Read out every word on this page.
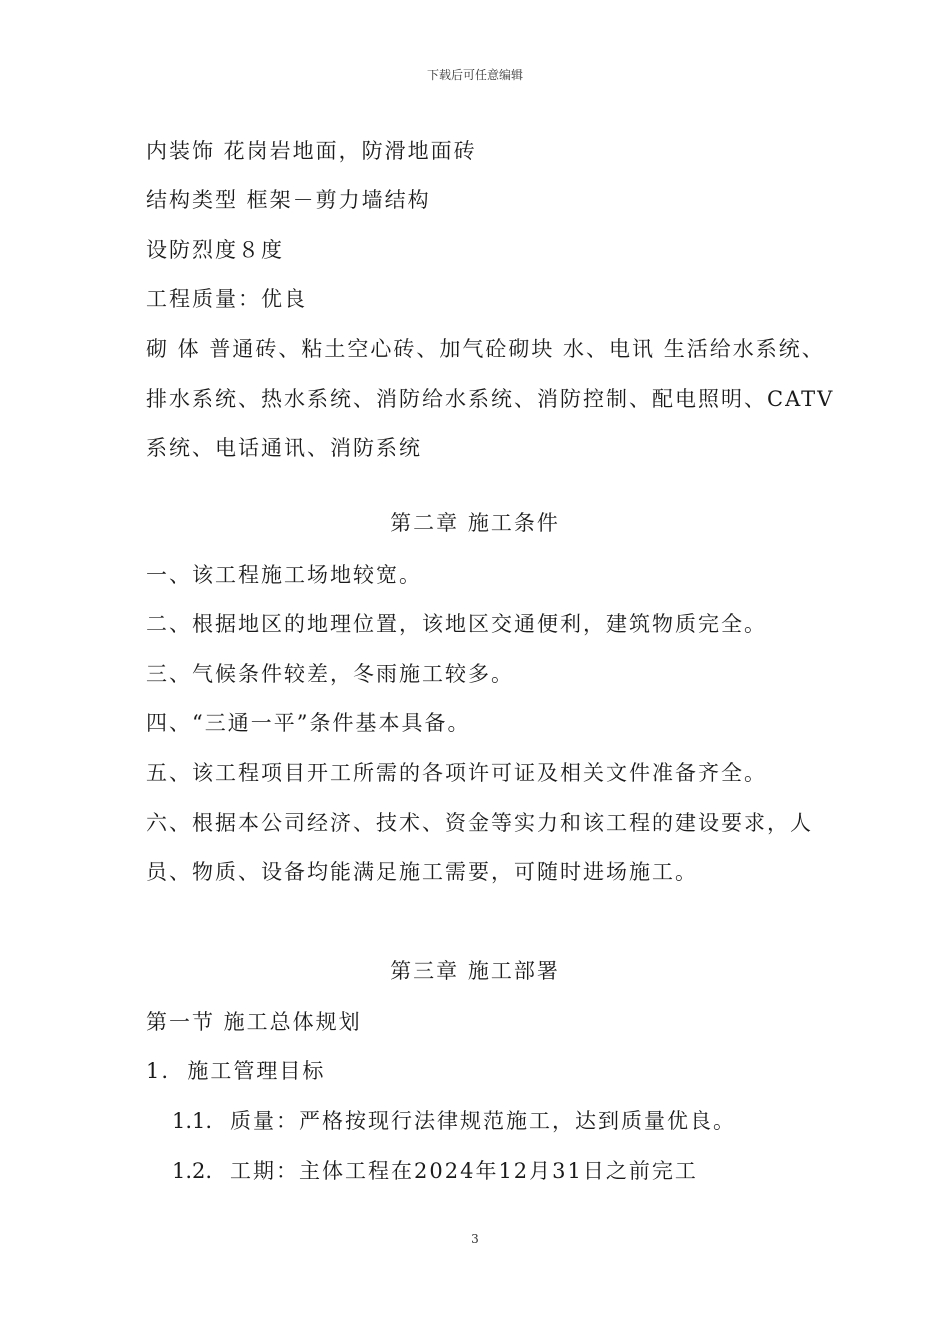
下载后可任意编辑
内装饰 花岗岩地面，防滑地面砖
结构类型 框架－剪力墙结构
设防烈度８度
工程质量：优良
砌 体 普通砖、粘土空心砖、加气砼砌块 水、电讯 生活给水系统、
排水系统、热水系统、消防给水系统、消防控制、配电照明、CATV
系统、电话通讯、消防系统
第二章 施工条件
一、该工程施工场地较宽。
二、根据地区的地理位置，该地区交通便利，建筑物质完全。
三、气候条件较差，冬雨施工较多。
四、“三通一平”条件基本具备。
五、该工程项目开工所需的各项许可证及相关文件准备齐全。
六、根据本公司经济、技术、资金等实力和该工程的建设要求，人
员、物质、设备均能满足施工需要，可随时进场施工。
第三章 施工部署
第一节 施工总体规划
1.  施工管理目标
1.1. 质量：严格按现行法律规范施工，达到质量优良。
1.2. 工期：主体工程在2024年12月31日之前完工
3
